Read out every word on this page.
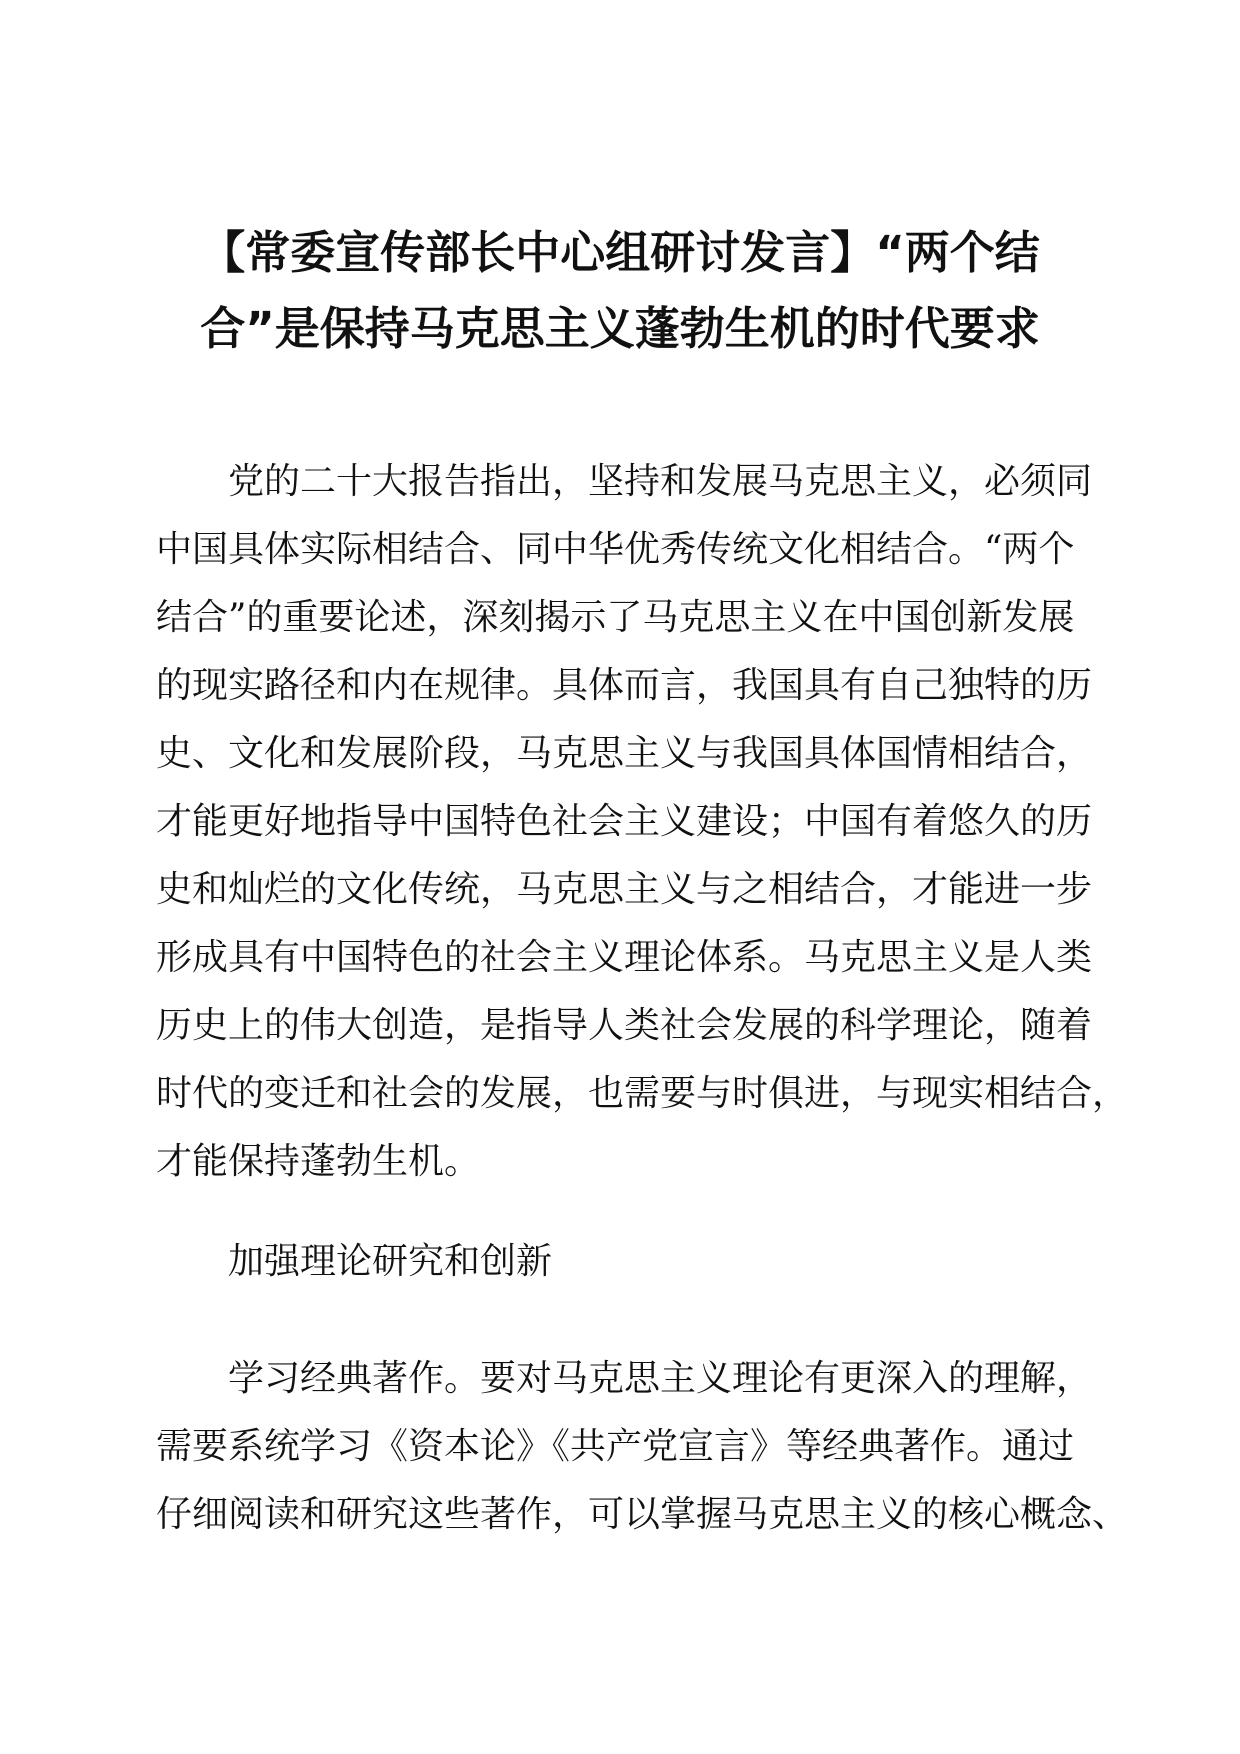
【常委宣传部长中心组研讨发言】“两个结
合”是保持马克思主义蓬勃生机的时代要求
党的二十大报告指出，坚持和发展马克思主义，必须同
中国具体实际相结合、同中华优秀传统文化相结合。“两个
结合”的重要论述，深刻揭示了马克思主义在中国创新发展
的现实路径和内在规律。具体而言，我国具有自己独特的历
史、文化和发展阶段，马克思主义与我国具体国情相结合，
才能更好地指导中国特色社会主义建设；中国有着悠久的历
史和灿烂的文化传统，马克思主义与之相结合，才能进一步
形成具有中国特色的社会主义理论体系。马克思主义是人类
历史上的伟大创造，是指导人类社会发展的科学理论，随着
时代的变迁和社会的发展，也需要与时俱进，与现实相结合，
才能保持蓬勃生机。
加强理论研究和创新
学习经典著作。要对马克思主义理论有更深入的理解，
需要系统学习《资本论》《共产党宣言》等经典著作。通过
仔细阅读和研究这些著作，可以掌握马克思主义的核心概念、
